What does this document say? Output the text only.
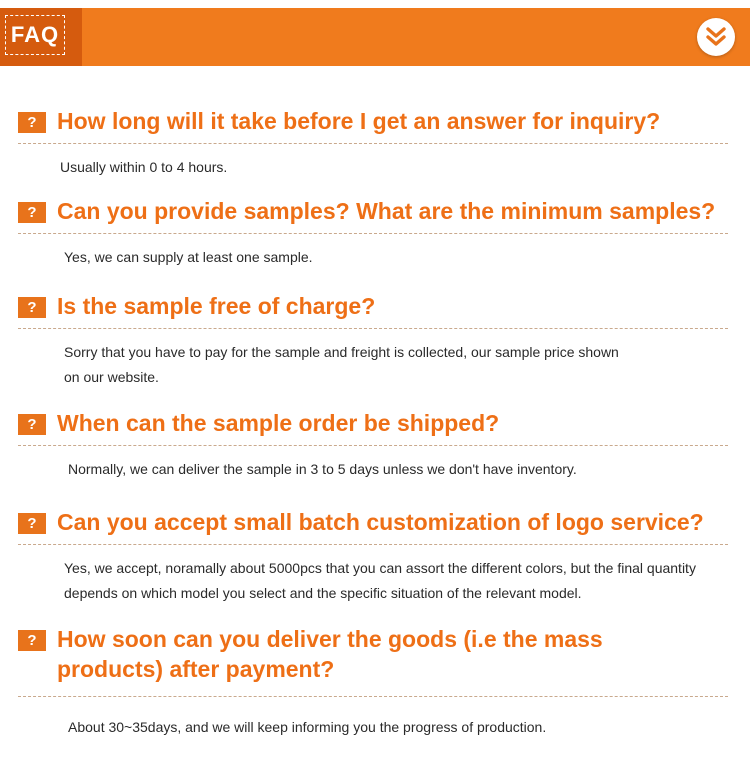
FAQ
? How long will it take before I get an answer for inquiry?
Usually within 0 to 4 hours.
? Can you provide samples? What are the minimum samples?
Yes, we can supply at least one sample.
? Is the sample free of charge?
Sorry that you have to pay for the sample and freight is collected, our sample price shown on our website.
? When can the sample order be shipped?
Normally, we can deliver the sample in 3 to 5 days unless we don't have inventory.
? Can you accept small batch customization of logo service?
Yes, we accept, noramally about 5000pcs that you can assort the different colors, but the final quantity depends on which model you select and the specific situation of the relevant model.
? How soon can you deliver the goods (i.e the mass products) after payment?
About 30~35days, and we will keep informing you the progress of production.
